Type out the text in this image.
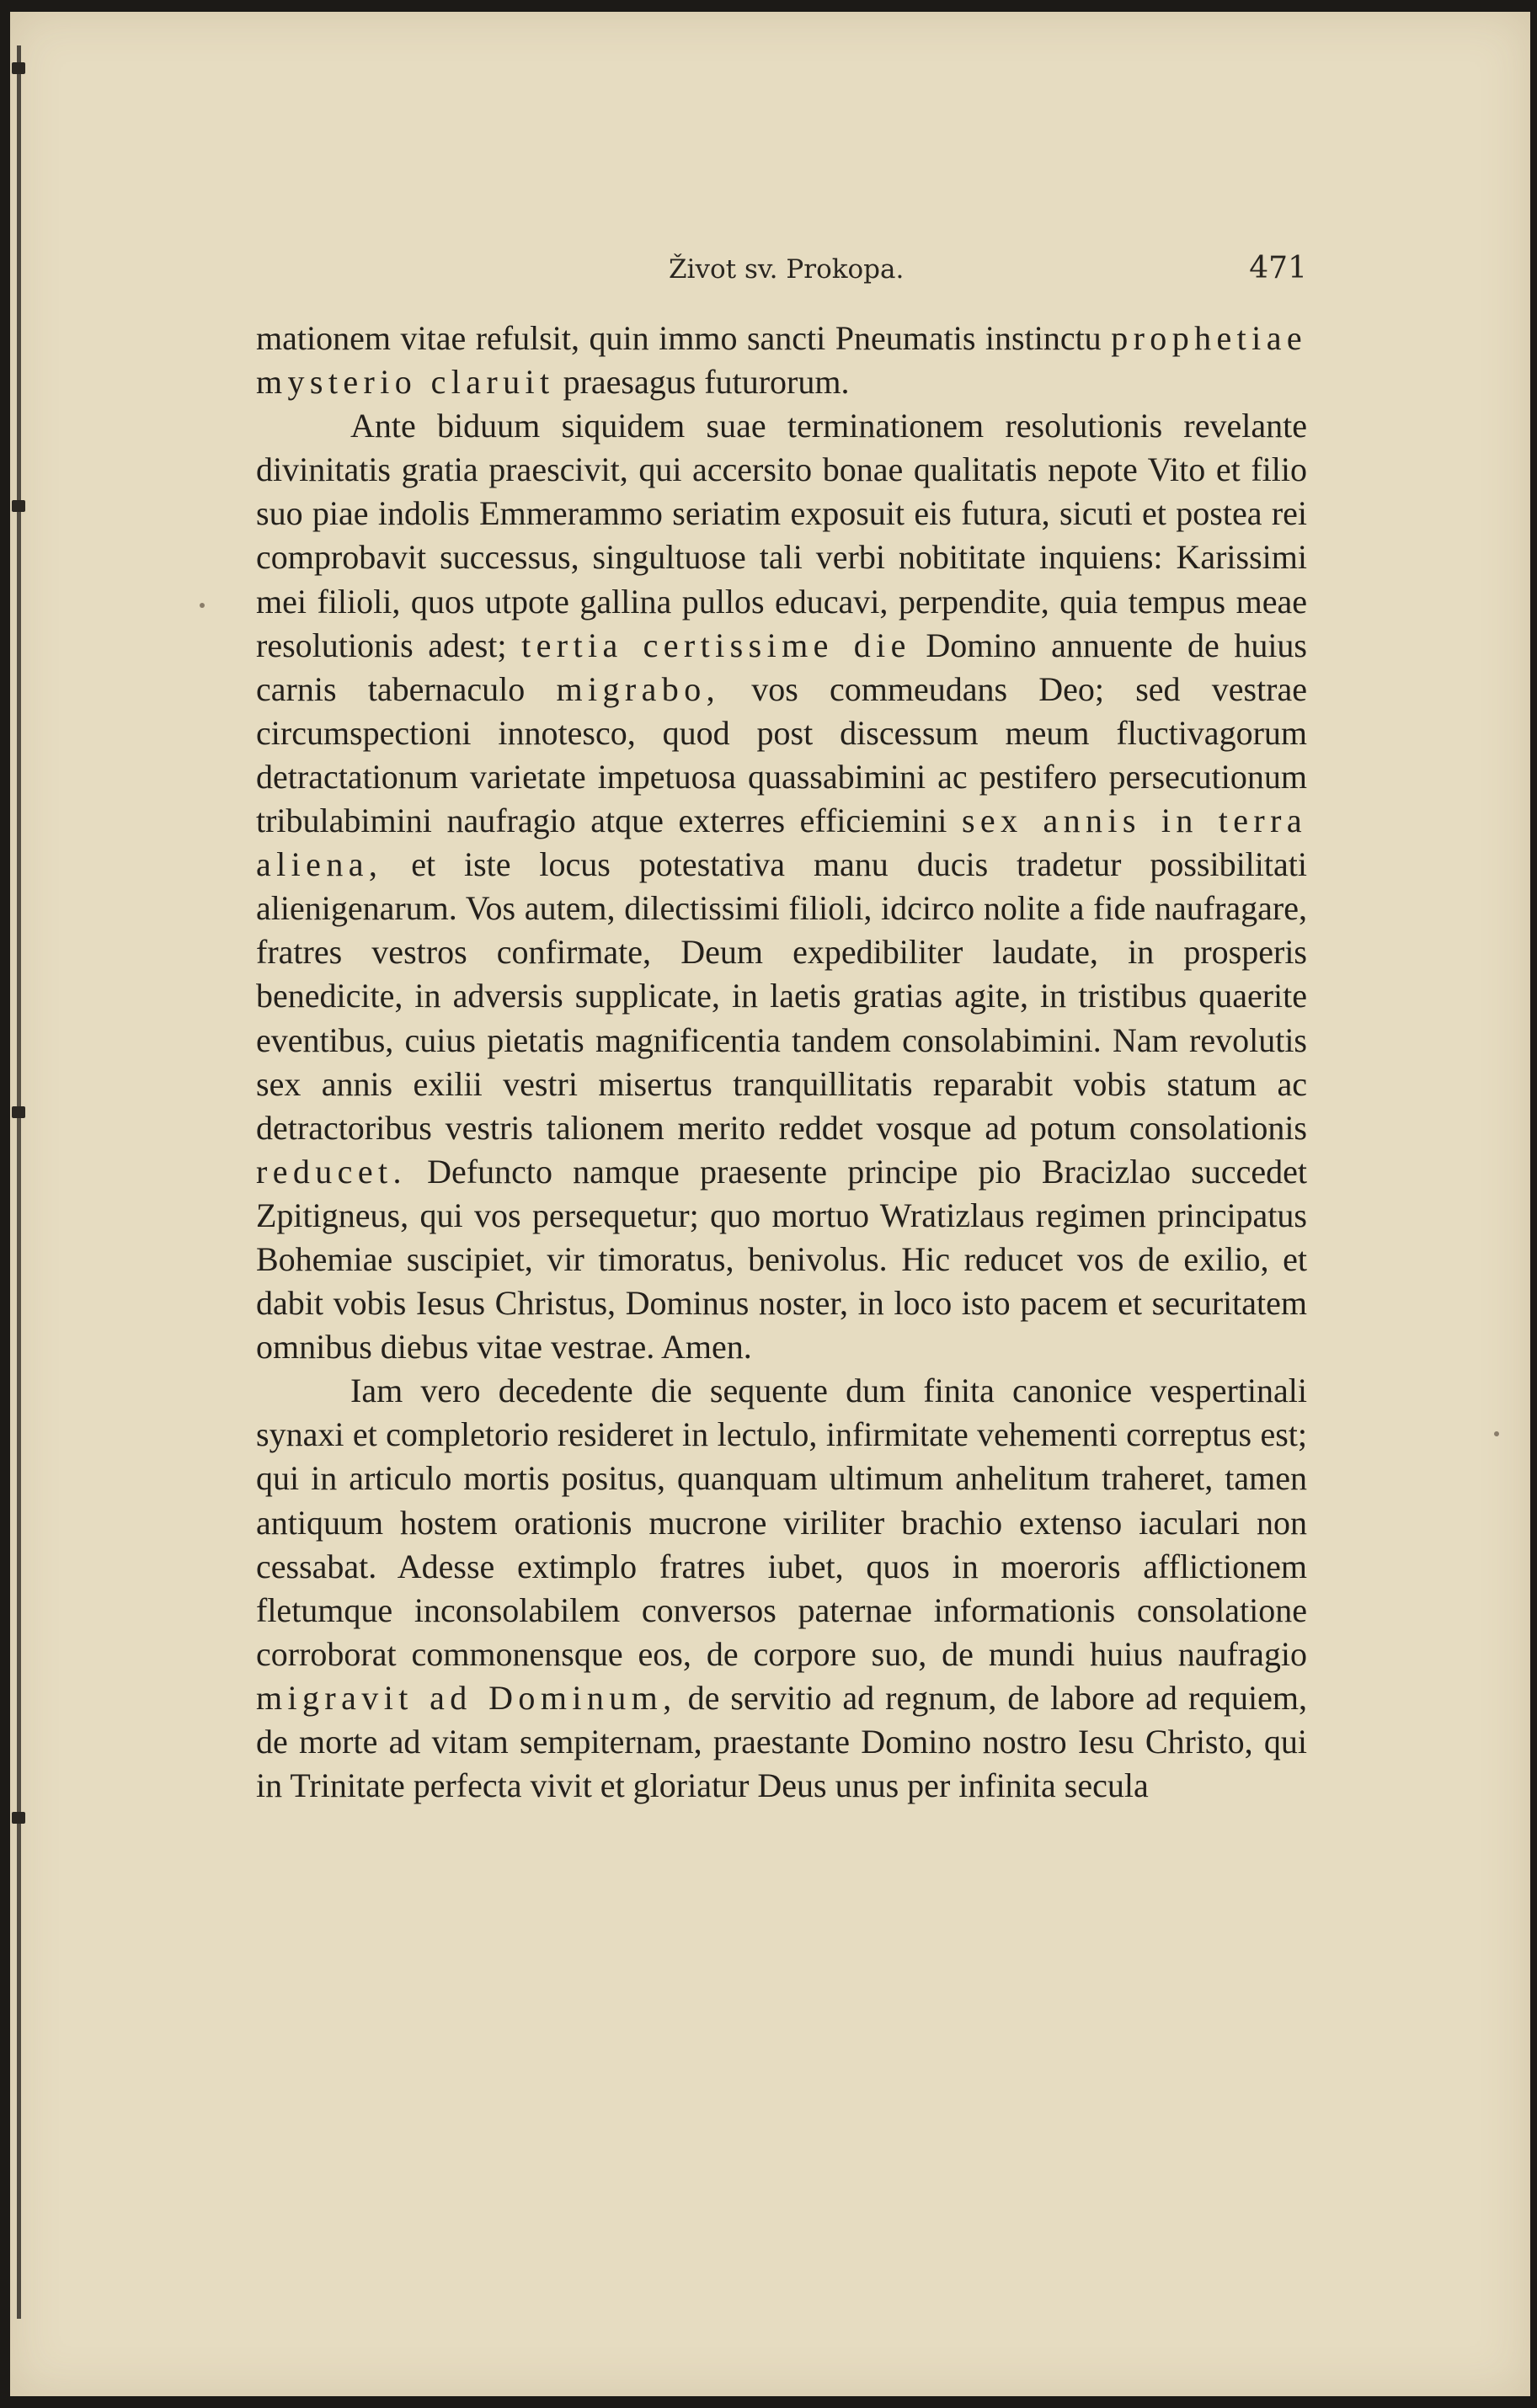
Život sv. Prokopa.	471

mationem vitae refulsit, quin immo sancti Pneumatis instinctu prophetiae mysterio claruit praesagus futurorum.

Ante biduum siquidem suae terminationem resolutionis revelante divinitatis gratia praescivit, qui accersito bonae qualitatis nepote Vito et filio suo piae indolis Emmerammo seriatim exposuit eis futura, sicuti et postea rei comprobavit successus, singultuose tali verbi nobititate inquiens: Karissimi mei filioli, quos utpote gallina pullos educavi, perpendite, quia tempus meae resolutionis adest; tertia certissime die Domino annuente de huius carnis tabernaculo migrabo, vos commeudans Deo; sed vestrae circumspectioni innotesco, quod post discessum meum fluctivagorum detractationum varietate impetuosa quassabimini ac pestifero persecutionum tribulabimini naufragio atque exterres efficiemini sex annis in terra aliena, et iste locus potestativa manu ducis tradetur possibilitati alienigenarum. Vos autem, dilectissimi filioli, idcirco nolite a fide naufragare, fratres vestros confirmate, Deum expedibiliter laudate, in prosperis benedicite, in adversis supplicate, in laetis gratias agite, in tristibus quaerite eventibus, cuius pietatis magnificentia tandem consolabimini. Nam revolutis sex annis exilii vestri misertus tranquillitatis reparabit vobis statum ac detractoribus vestris talionem merito reddet vosque ad potum consolationis reducet. Defuncto namque praesente principe pio Bracizlao succedet Zpitigneus, qui vos persequetur; quo mortuo Wratizlaus regimen principatus Bohemiae suscipiet, vir timoratus, benivolus. Hic reducet vos de exilio, et dabit vobis Iesus Christus, Dominus noster, in loco isto pacem et securitatem omnibus diebus vitae vestrae. Amen.

Iam vero decedente die sequente dum finita canonice vespertinali synaxi et completorio resideret in lectulo, infirmitate vehementi correptus est; qui in articulo mortis positus, quanquam ultimum anhelitum traheret, tamen antiquum hostem orationis mucrone viriliter brachio extenso iaculari non cessabat. Adesse extimplo fratres iubet, quos in moeroris afflictionem fletumque inconsolabilem conversos paternae informationis consolatione corroborat commonensque eos, de corpore suo, de mundi huius naufragio migravit ad Dominum, de servitio ad regnum, de labore ad requiem, de morte ad vitam sempiternam, praestante Domino nostro Iesu Christo, qui in Trinitate perfecta vivit et gloriatur Deus unus per infinita secula
